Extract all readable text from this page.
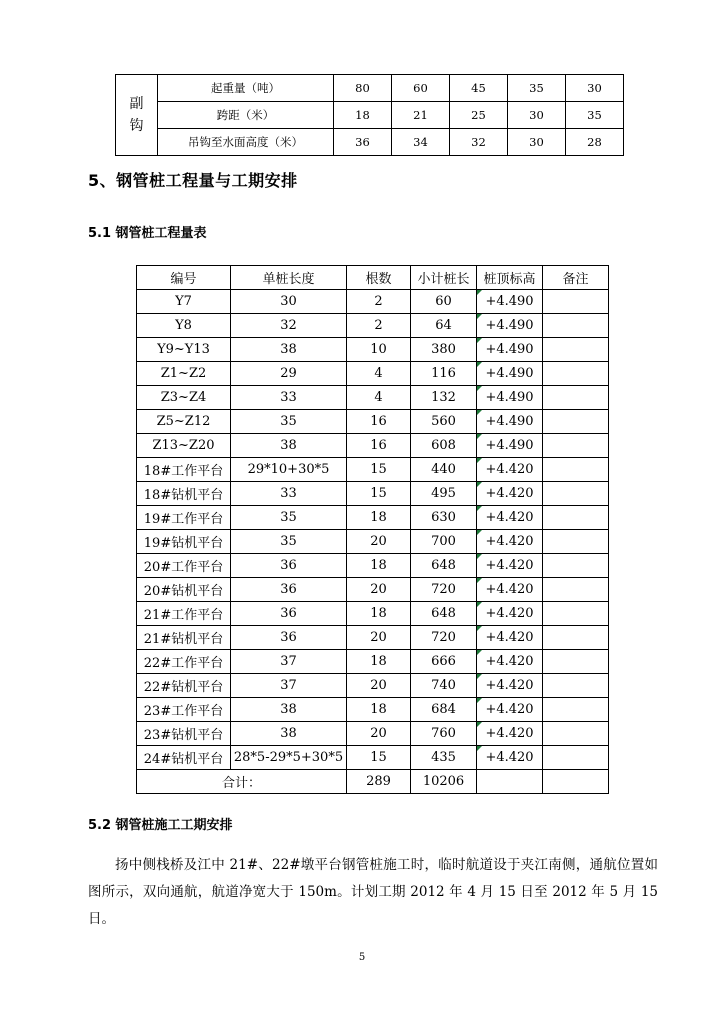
副
钩	起重量（吨）	80	60	45	35	30
	跨距（米）	18	21	25	30	35
	吊钩至水面高度（米）	36	34	32	30	28
5、钢管桩工程量与工期安排
5.1 钢管桩工程量表
编号	单桩长度	根数	小计桩长	桩顶标高	备注
Y7	30	2	60	+4.490	
Y8	32	2	64	+4.490	
Y9~Y13	38	10	380	+4.490	
Z1~Z2	29	4	116	+4.490	
Z3~Z4	33	4	132	+4.490	
Z5~Z12	35	16	560	+4.490	
Z13~Z20	38	16	608	+4.490	
18#工作平台	29*10+30*5	15	440	+4.420	
18#钻机平台	33	15	495	+4.420	
19#工作平台	35	18	630	+4.420	
19#钻机平台	35	20	700	+4.420	
20#工作平台	36	18	648	+4.420	
20#钻机平台	36	20	720	+4.420	
21#工作平台	36	18	648	+4.420	
21#钻机平台	36	20	720	+4.420	
22#工作平台	37	18	666	+4.420	
22#钻机平台	37	20	740	+4.420	
23#工作平台	38	18	684	+4.420	
23#钻机平台	38	20	760	+4.420	
24#钻机平台	28*5-29*5+30*5	15	435	+4.420	
合计：		289	10206		
5.2 钢管桩施工工期安排

扬中侧栈桥及江中 21#、22#墩平台钢管桩施工时，临时航道设于夹江南侧，通航位置如图所示，双向通航，航道净宽大于 150m。计划工期 2012 年 4 月 15 日至 2012 年 5 月 15 日。

5
